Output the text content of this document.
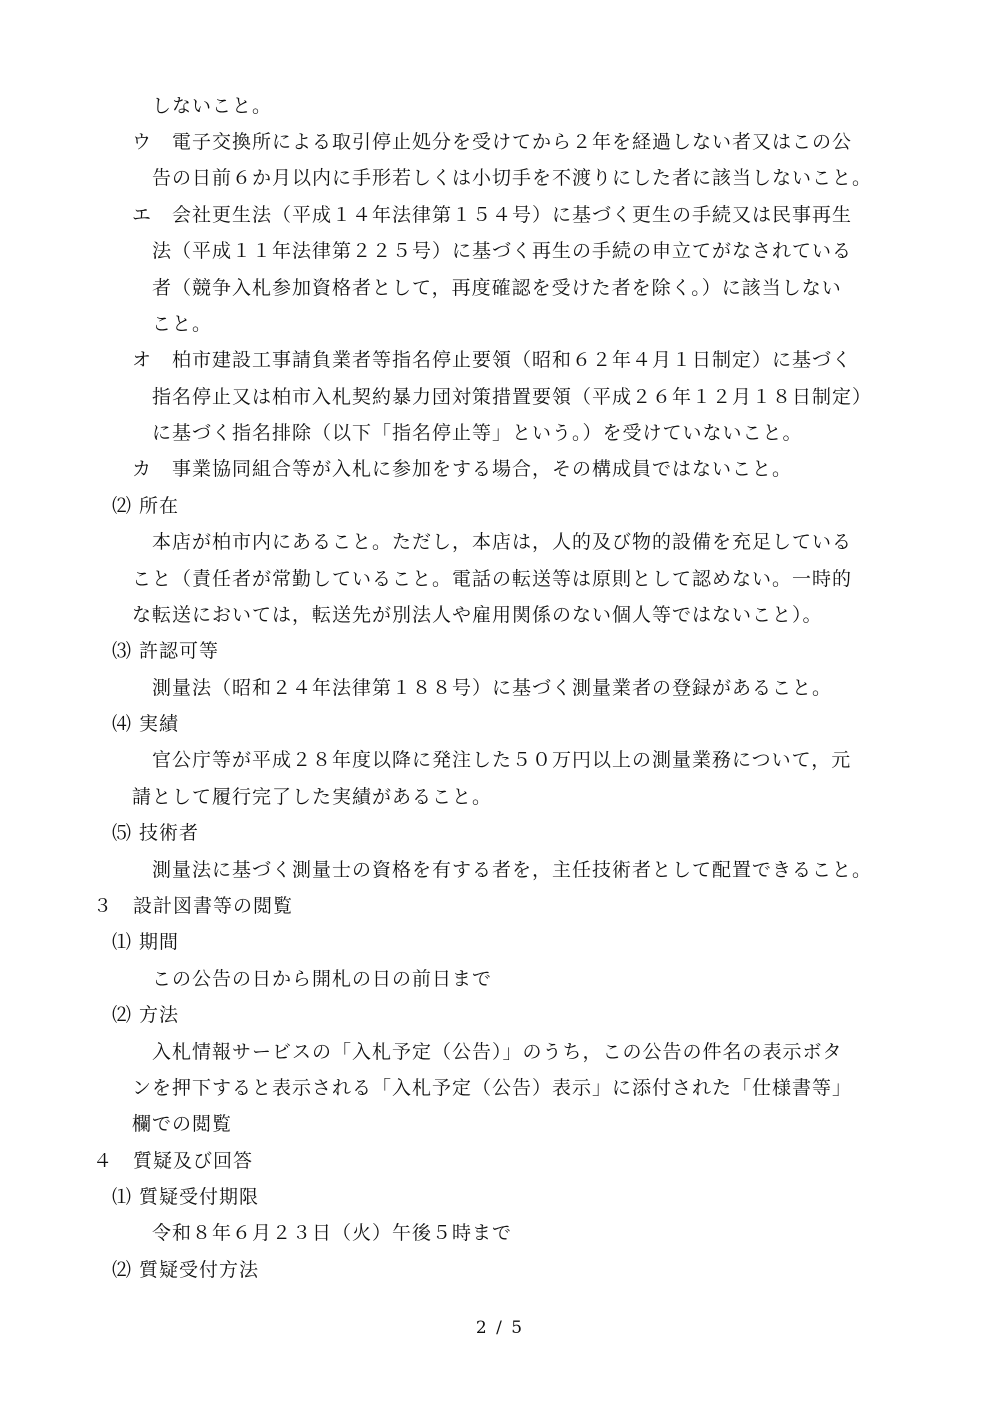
しないこと。
ウ　電子交換所による取引停止処分を受けてから２年を経過しない者又はこの公
告の日前６か月以内に手形若しくは小切手を不渡りにした者に該当しないこと。
エ　会社更生法（平成１４年法律第１５４号）に基づく更生の手続又は民事再生
法（平成１１年法律第２２５号）に基づく再生の手続の申立てがなされている
者（競争入札参加資格者として，再度確認を受けた者を除く。）に該当しない
こと。
オ　柏市建設工事請負業者等指名停止要領（昭和６２年４月１日制定）に基づく
指名停止又は柏市入札契約暴力団対策措置要領（平成２６年１２月１８日制定）
に基づく指名排除（以下「指名停止等」という。）を受けていないこと。
カ　事業協同組合等が入札に参加をする場合，その構成員ではないこと。
⑵ 所在
本店が柏市内にあること。ただし，本店は，人的及び物的設備を充足している
こと（責任者が常勤していること。電話の転送等は原則として認めない。一時的
な転送においては，転送先が別法人や雇用関係のない個人等ではないこと）。
⑶ 許認可等
測量法（昭和２４年法律第１８８号）に基づく測量業者の登録があること。
⑷ 実績
官公庁等が平成２８年度以降に発注した５０万円以上の測量業務について，元
請として履行完了した実績があること。
⑸ 技術者
測量法に基づく測量士の資格を有する者を，主任技術者として配置できること。
３　設計図書等の閲覧
⑴ 期間
この公告の日から開札の日の前日まで
⑵ 方法
入札情報サービスの「入札予定（公告）」のうち，この公告の件名の表示ボタ
ンを押下すると表示される「入札予定（公告）表示」に添付された「仕様書等」
欄での閲覧
４　質疑及び回答
⑴ 質疑受付期限
令和８年６月２３日（火）午後５時まで
⑵ 質疑受付方法
2 / 5
